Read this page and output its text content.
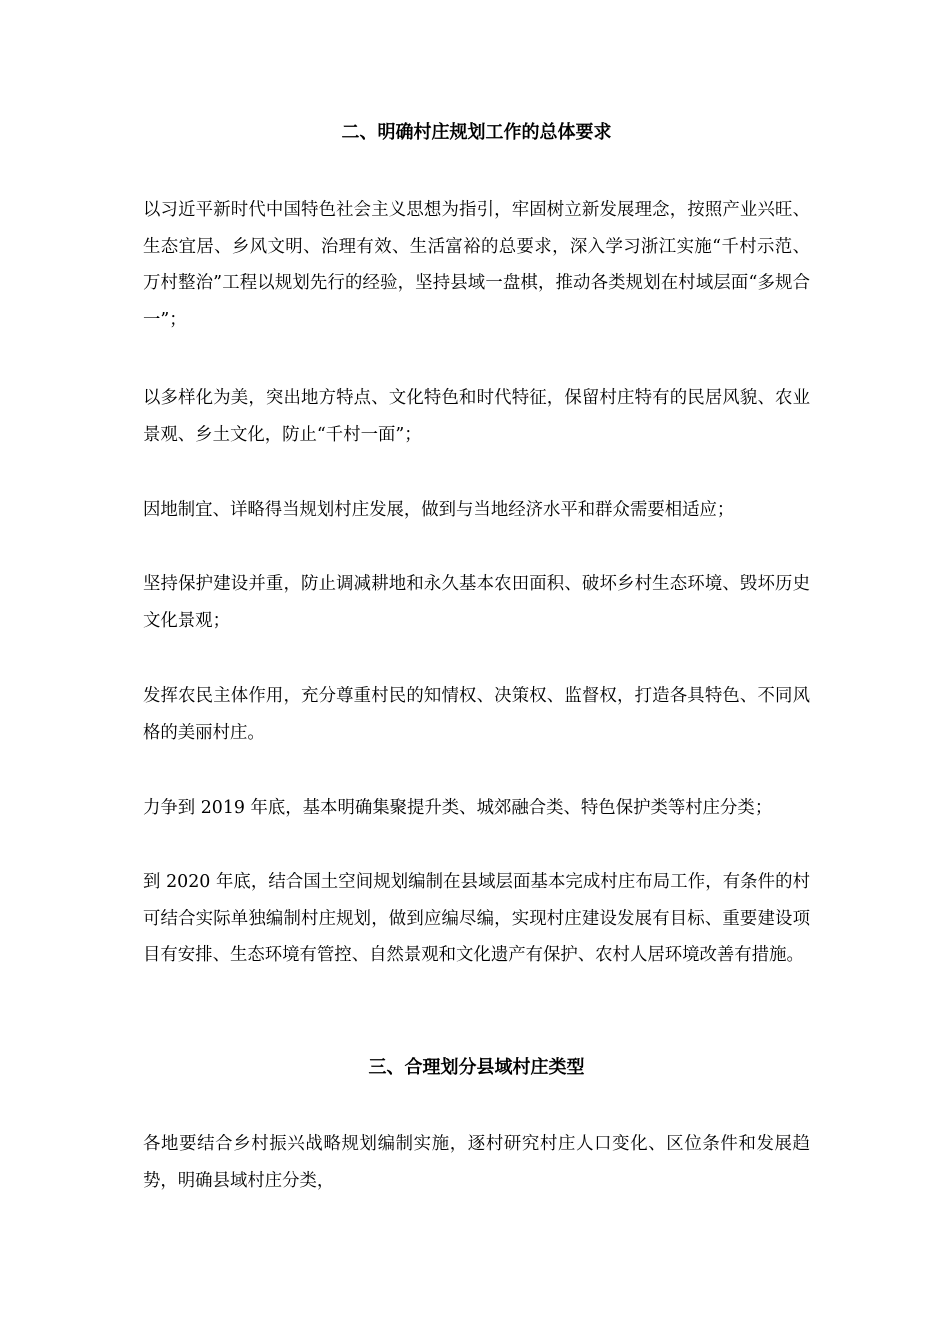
二、明确村庄规划工作的总体要求

以习近平新时代中国特色社会主义思想为指引，牢固树立新发展理念，按照产业兴旺、生态宜居、乡风文明、治理有效、生活富裕的总要求，深入学习浙江实施“千村示范、万村整治”工程以规划先行的经验，坚持县域一盘棋，推动各类规划在村域层面“多规合一”；

以多样化为美，突出地方特点、文化特色和时代特征，保留村庄特有的民居风貌、农业景观、乡土文化，防止“千村一面”；

因地制宜、详略得当规划村庄发展，做到与当地经济水平和群众需要相适应；

坚持保护建设并重，防止调减耕地和永久基本农田面积、破坏乡村生态环境、毁坏历史文化景观；

发挥农民主体作用，充分尊重村民的知情权、决策权、监督权，打造各具特色、不同风格的美丽村庄。

力争到 2019 年底，基本明确集聚提升类、城郊融合类、特色保护类等村庄分类；

到 2020 年底，结合国土空间规划编制在县域层面基本完成村庄布局工作，有条件的村可结合实际单独编制村庄规划，做到应编尽编，实现村庄建设发展有目标、重要建设项目有安排、生态环境有管控、自然景观和文化遗产有保护、农村人居环境改善有措施。

三、合理划分县域村庄类型

各地要结合乡村振兴战略规划编制实施，逐村研究村庄人口变化、区位条件和发展趋势，明确县域村庄分类，
